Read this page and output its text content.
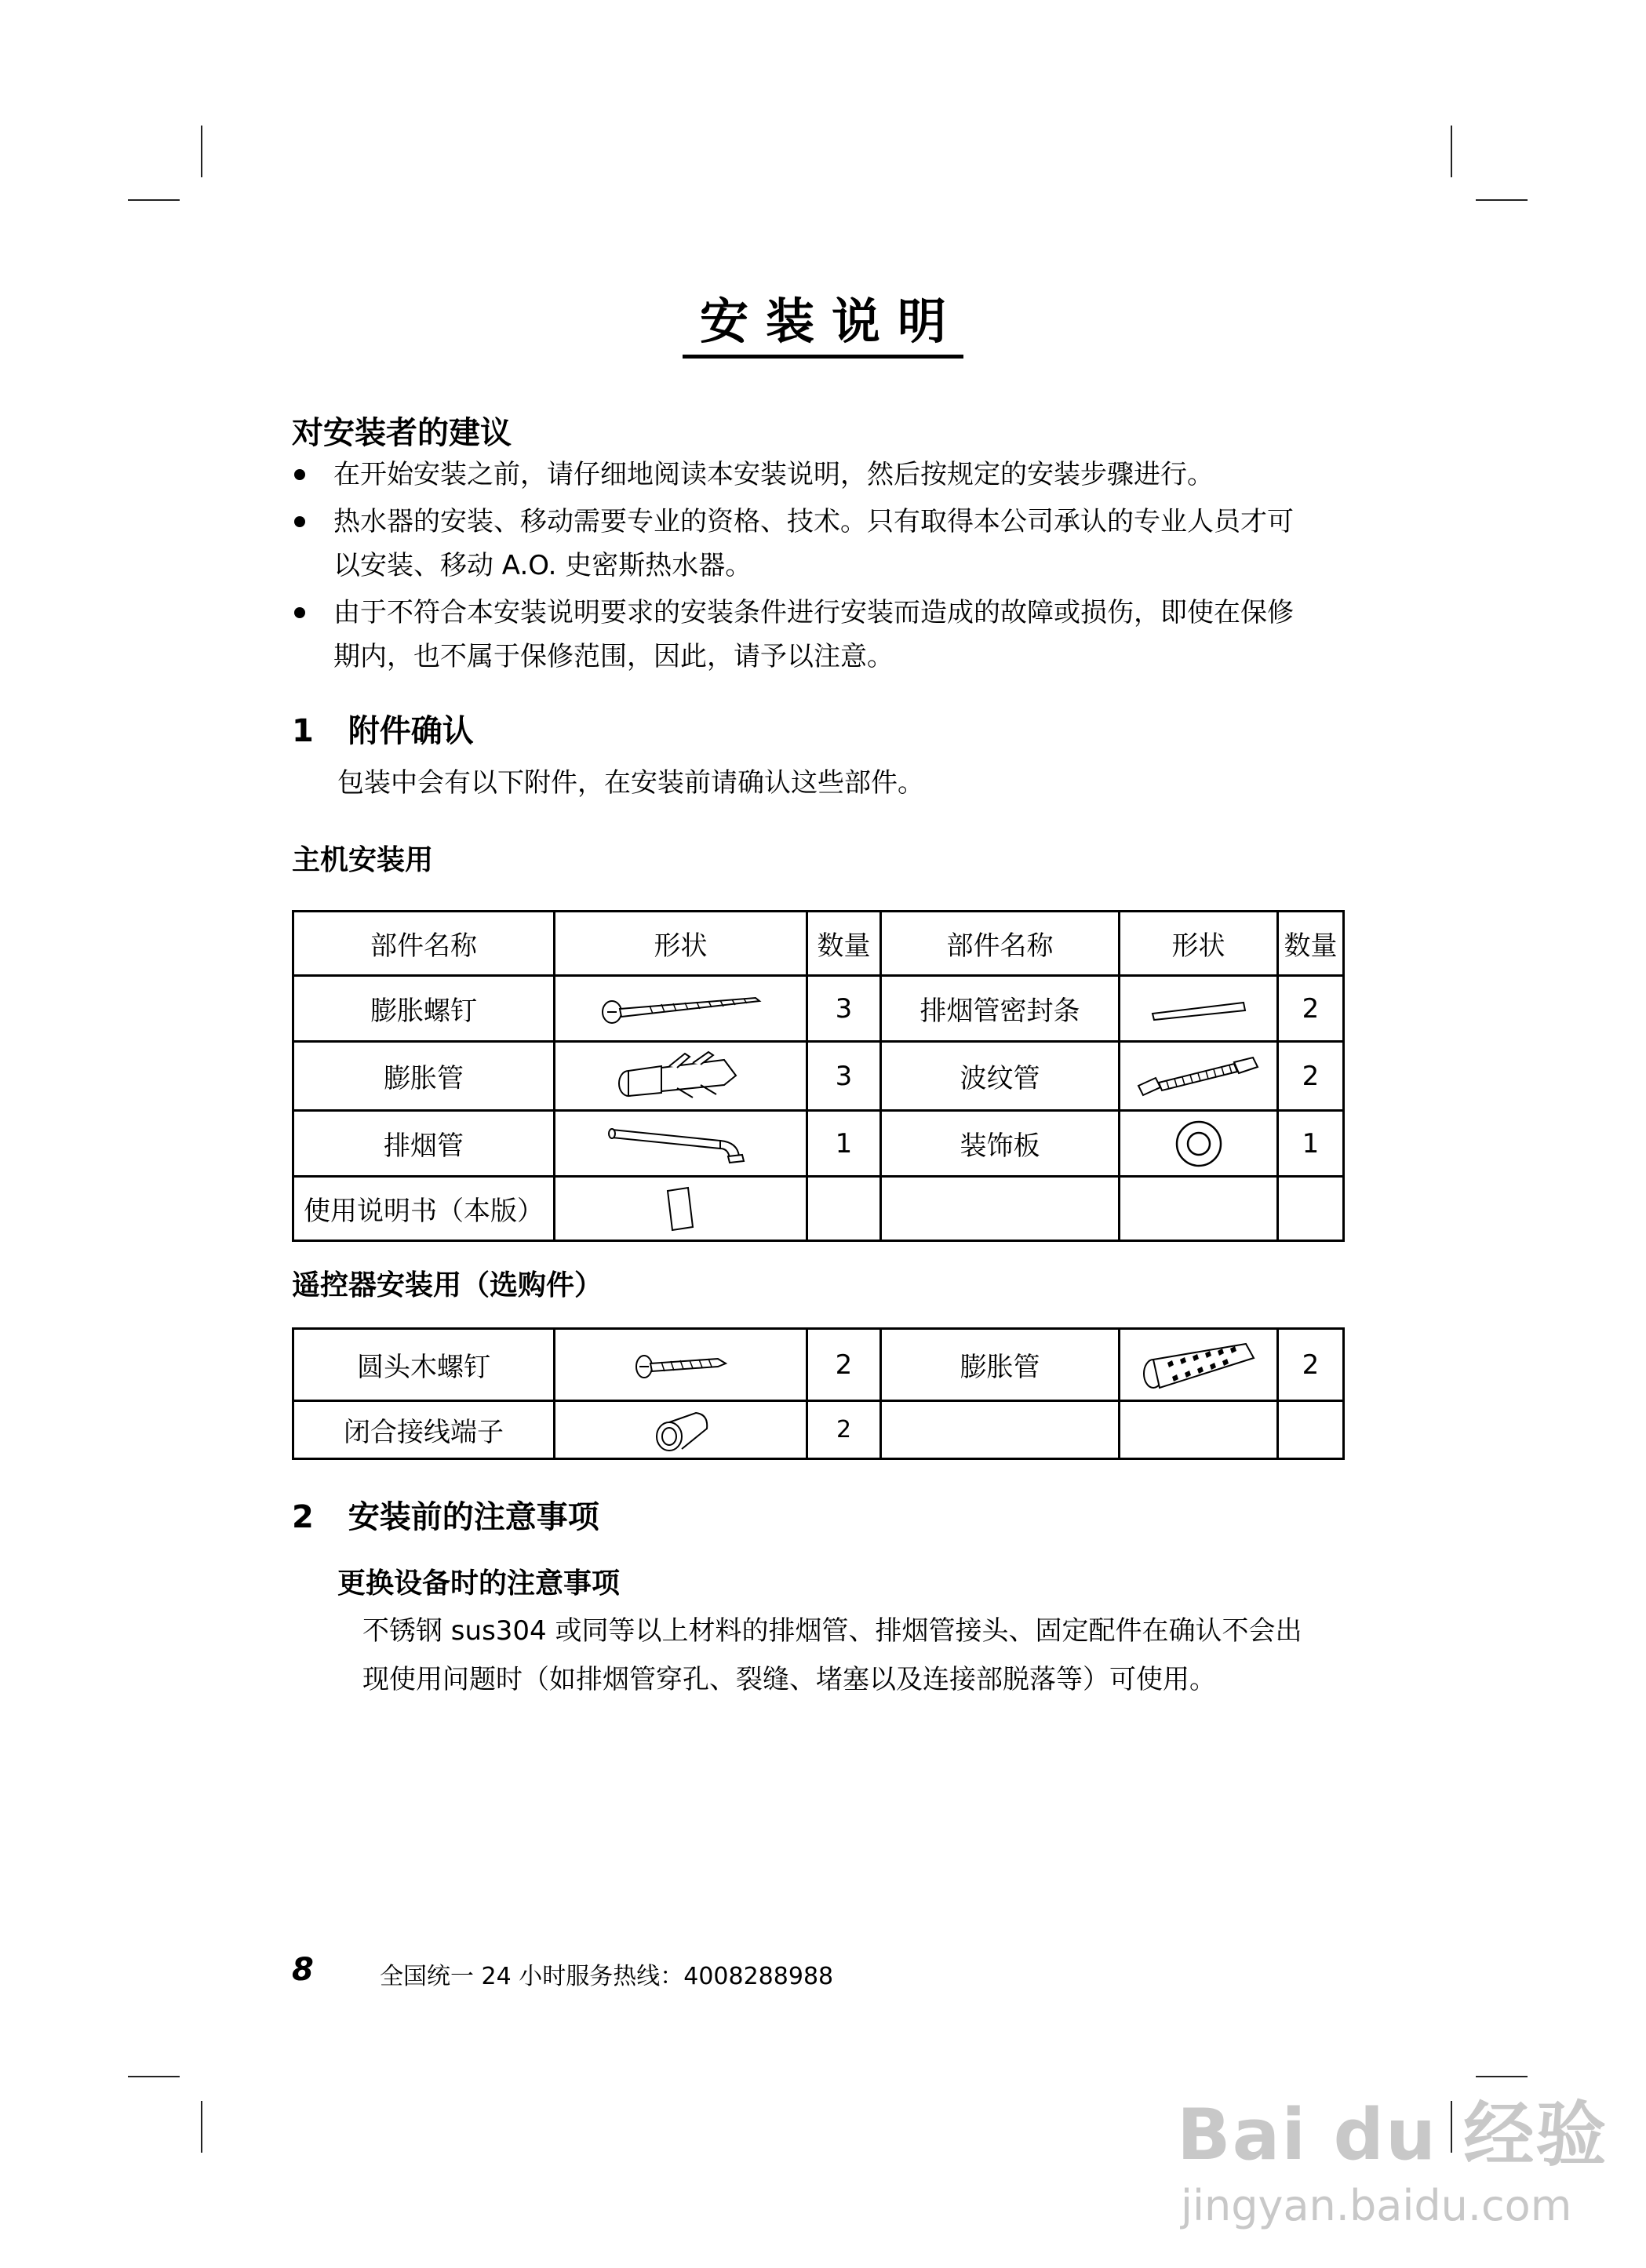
安装说明
对安装者的建议
在开始安装之前，请仔细地阅读本安装说明，然后按规定的安装步骤进行。
热水器的安装、移动需要专业的资格、技术。只有取得本公司承认的专业人员才可
以安装、移动 A.O. 史密斯热水器。
由于不符合本安装说明要求的安装条件进行安装而造成的故障或损伤，即使在保修
期内，也不属于保修范围，因此，请予以注意。
1 附件确认
包装中会有以下附件，在安装前请确认这些部件。
主机安装用
部件名称	形状	数量	部件名称	形状	数量
膨胀螺钉		3	排烟管密封条		2
膨胀管		3	波纹管		2
排烟管		1	装饰板		1
使用说明书（本版）	

遥控器安装用（选购件）
圆头木螺钉		2	膨胀管		2
闭合接线端子		2			
2 安装前的注意事项
更换设备时的注意事项
不锈钢 sus304 或同等以上材料的排烟管、排烟管接头、固定配件在确认不会出
现使用问题时（如排烟管穿孔、裂缝、堵塞以及连接部脱落等）可使用。
8	全国统一 24 小时服务热线：4008288988
Bai du 经验
jingyan.baidu.com
